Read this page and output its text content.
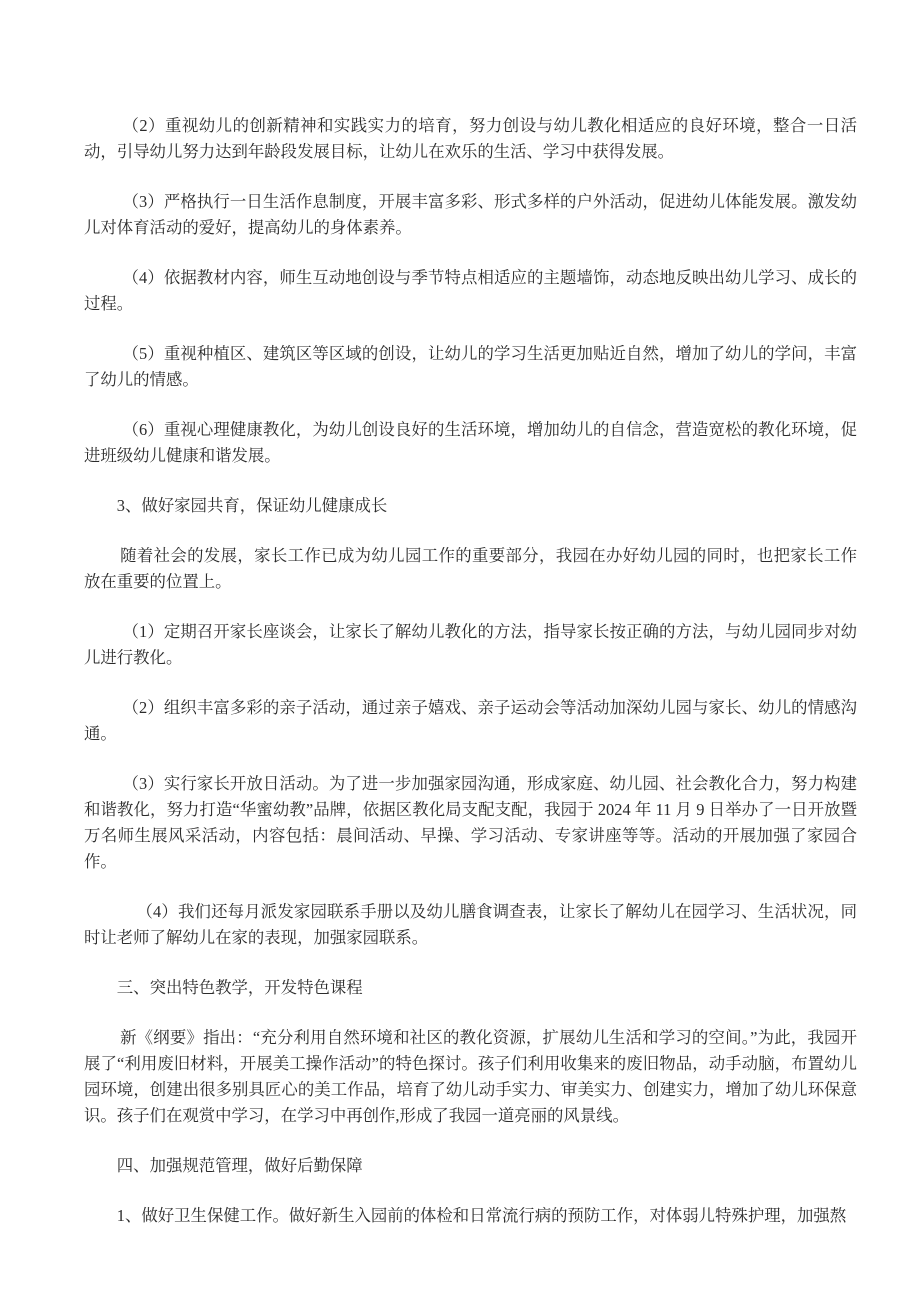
（2）重视幼儿的创新精神和实践实力的培育，努力创设与幼儿教化相适应的良好环境，整合一日活动，引导幼儿努力达到年龄段发展目标，让幼儿在欢乐的生活、学习中获得发展。

（3）严格执行一日生活作息制度，开展丰富多彩、形式多样的户外活动，促进幼儿体能发展。激发幼儿对体育活动的爱好，提高幼儿的身体素养。

（4）依据教材内容，师生互动地创设与季节特点相适应的主题墙饰，动态地反映出幼儿学习、成长的过程。

（5）重视种植区、建筑区等区域的创设，让幼儿的学习生活更加贴近自然，增加了幼儿的学问，丰富了幼儿的情感。

（6）重视心理健康教化，为幼儿创设良好的生活环境，增加幼儿的自信念，营造宽松的教化环境，促进班级幼儿健康和谐发展。

3、做好家园共育，保证幼儿健康成长

随着社会的发展，家长工作已成为幼儿园工作的重要部分，我园在办好幼儿园的同时，也把家长工作放在重要的位置上。

（1）定期召开家长座谈会，让家长了解幼儿教化的方法，指导家长按正确的方法，与幼儿园同步对幼儿进行教化。

（2）组织丰富多彩的亲子活动，通过亲子嬉戏、亲子运动会等活动加深幼儿园与家长、幼儿的情感沟通。

（3）实行家长开放日活动。为了进一步加强家园沟通，形成家庭、幼儿园、社会教化合力，努力构建和谐教化，努力打造“华蜜幼教”品牌，依据区教化局支配支配，我园于 2024 年 11 月 9 日举办了一日开放暨万名师生展风采活动，内容包括：晨间活动、早操、学习活动、专家讲座等等。活动的开展加强了家园合作。

（4）我们还每月派发家园联系手册以及幼儿膳食调查表，让家长了解幼儿在园学习、生活状况，同时让老师了解幼儿在家的表现，加强家园联系。

三、突出特色教学，开发特色课程

新《纲要》指出：“充分利用自然环境和社区的教化资源，扩展幼儿生活和学习的空间。”为此，我园开展了“利用废旧材料，开展美工操作活动”的特色探讨。孩子们利用收集来的废旧物品，动手动脑，布置幼儿园环境，创建出很多别具匠心的美工作品，培育了幼儿动手实力、审美实力、创建实力，增加了幼儿环保意识。孩子们在观赏中学习，在学习中再创作,形成了我园一道亮丽的风景线。

四、加强规范管理，做好后勤保障

1、做好卫生保健工作。做好新生入园前的体检和日常流行病的预防工作，对体弱儿特殊护理，加强熬
